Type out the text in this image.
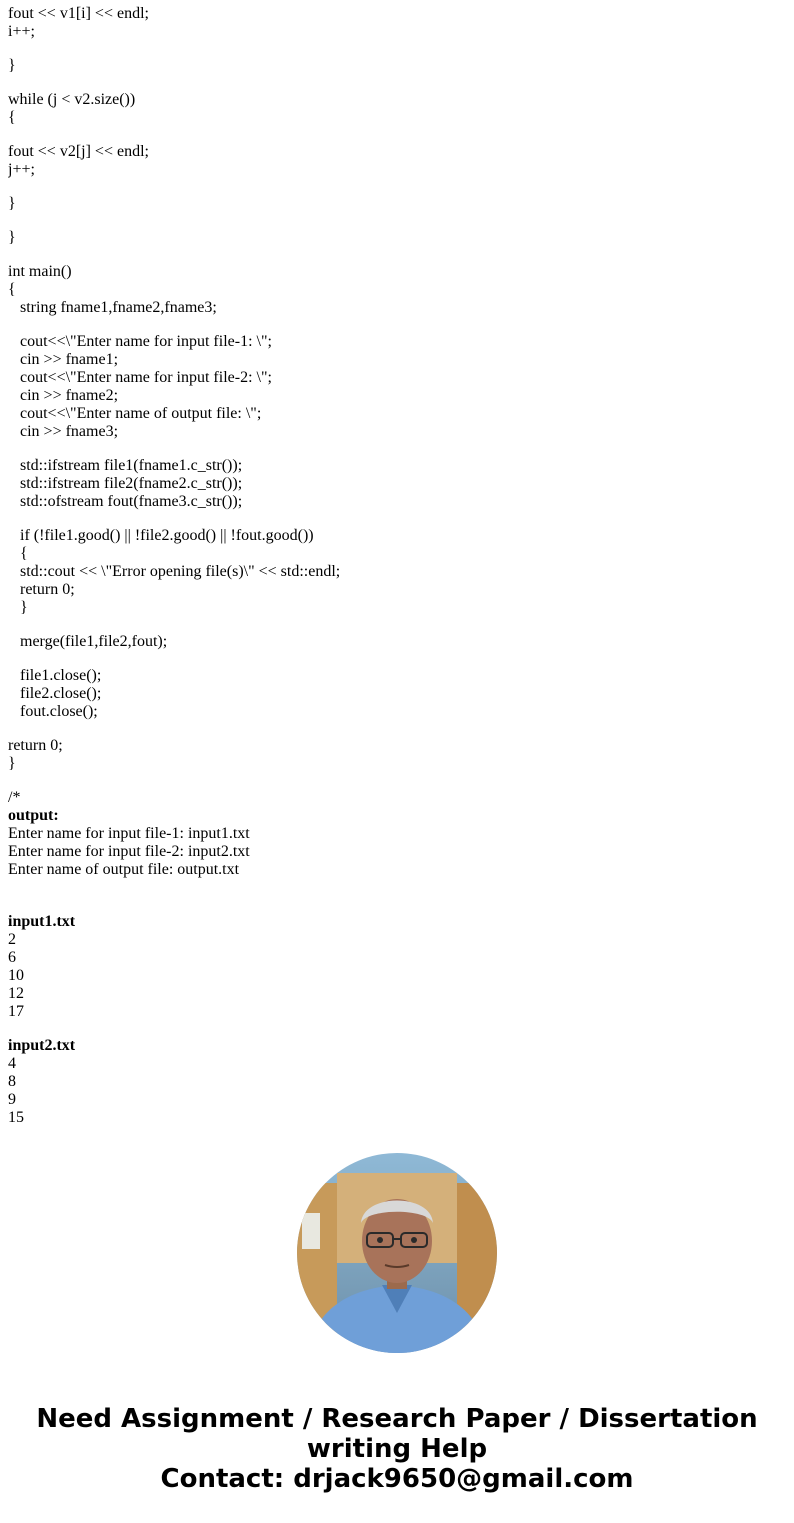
fout << v1[i] << endl;
i++;
}
while (j < v2.size())
{
fout << v2[j] << endl;
j++;
}
}
int main()
{
string fname1,fname2,fname3;
cout<<\"Enter name for input file-1: \";
cin >> fname1;
cout<<\"Enter name for input file-2: \";
cin >> fname2;
cout<<\"Enter name of output file: \";
cin >> fname3;
std::ifstream file1(fname1.c_str());
std::ifstream file2(fname2.c_str());
std::ofstream fout(fname3.c_str());
if (!file1.good() || !file2.good() || !fout.good())
{
std::cout << \"Error opening file(s)\" << std::endl;
return 0;
}
merge(file1,file2,fout);
file1.close();
file2.close();
fout.close();
return 0;
}
/*
output:
Enter name for input file-1: input1.txt
Enter name for input file-2: input2.txt
Enter name of output file: output.txt
input1.txt
2
6
10
12
17
input2.txt
4
8
9
15
Need Assignment / Research Paper / Dissertation
writing Help
Contact: drjack9650@gmail.com
